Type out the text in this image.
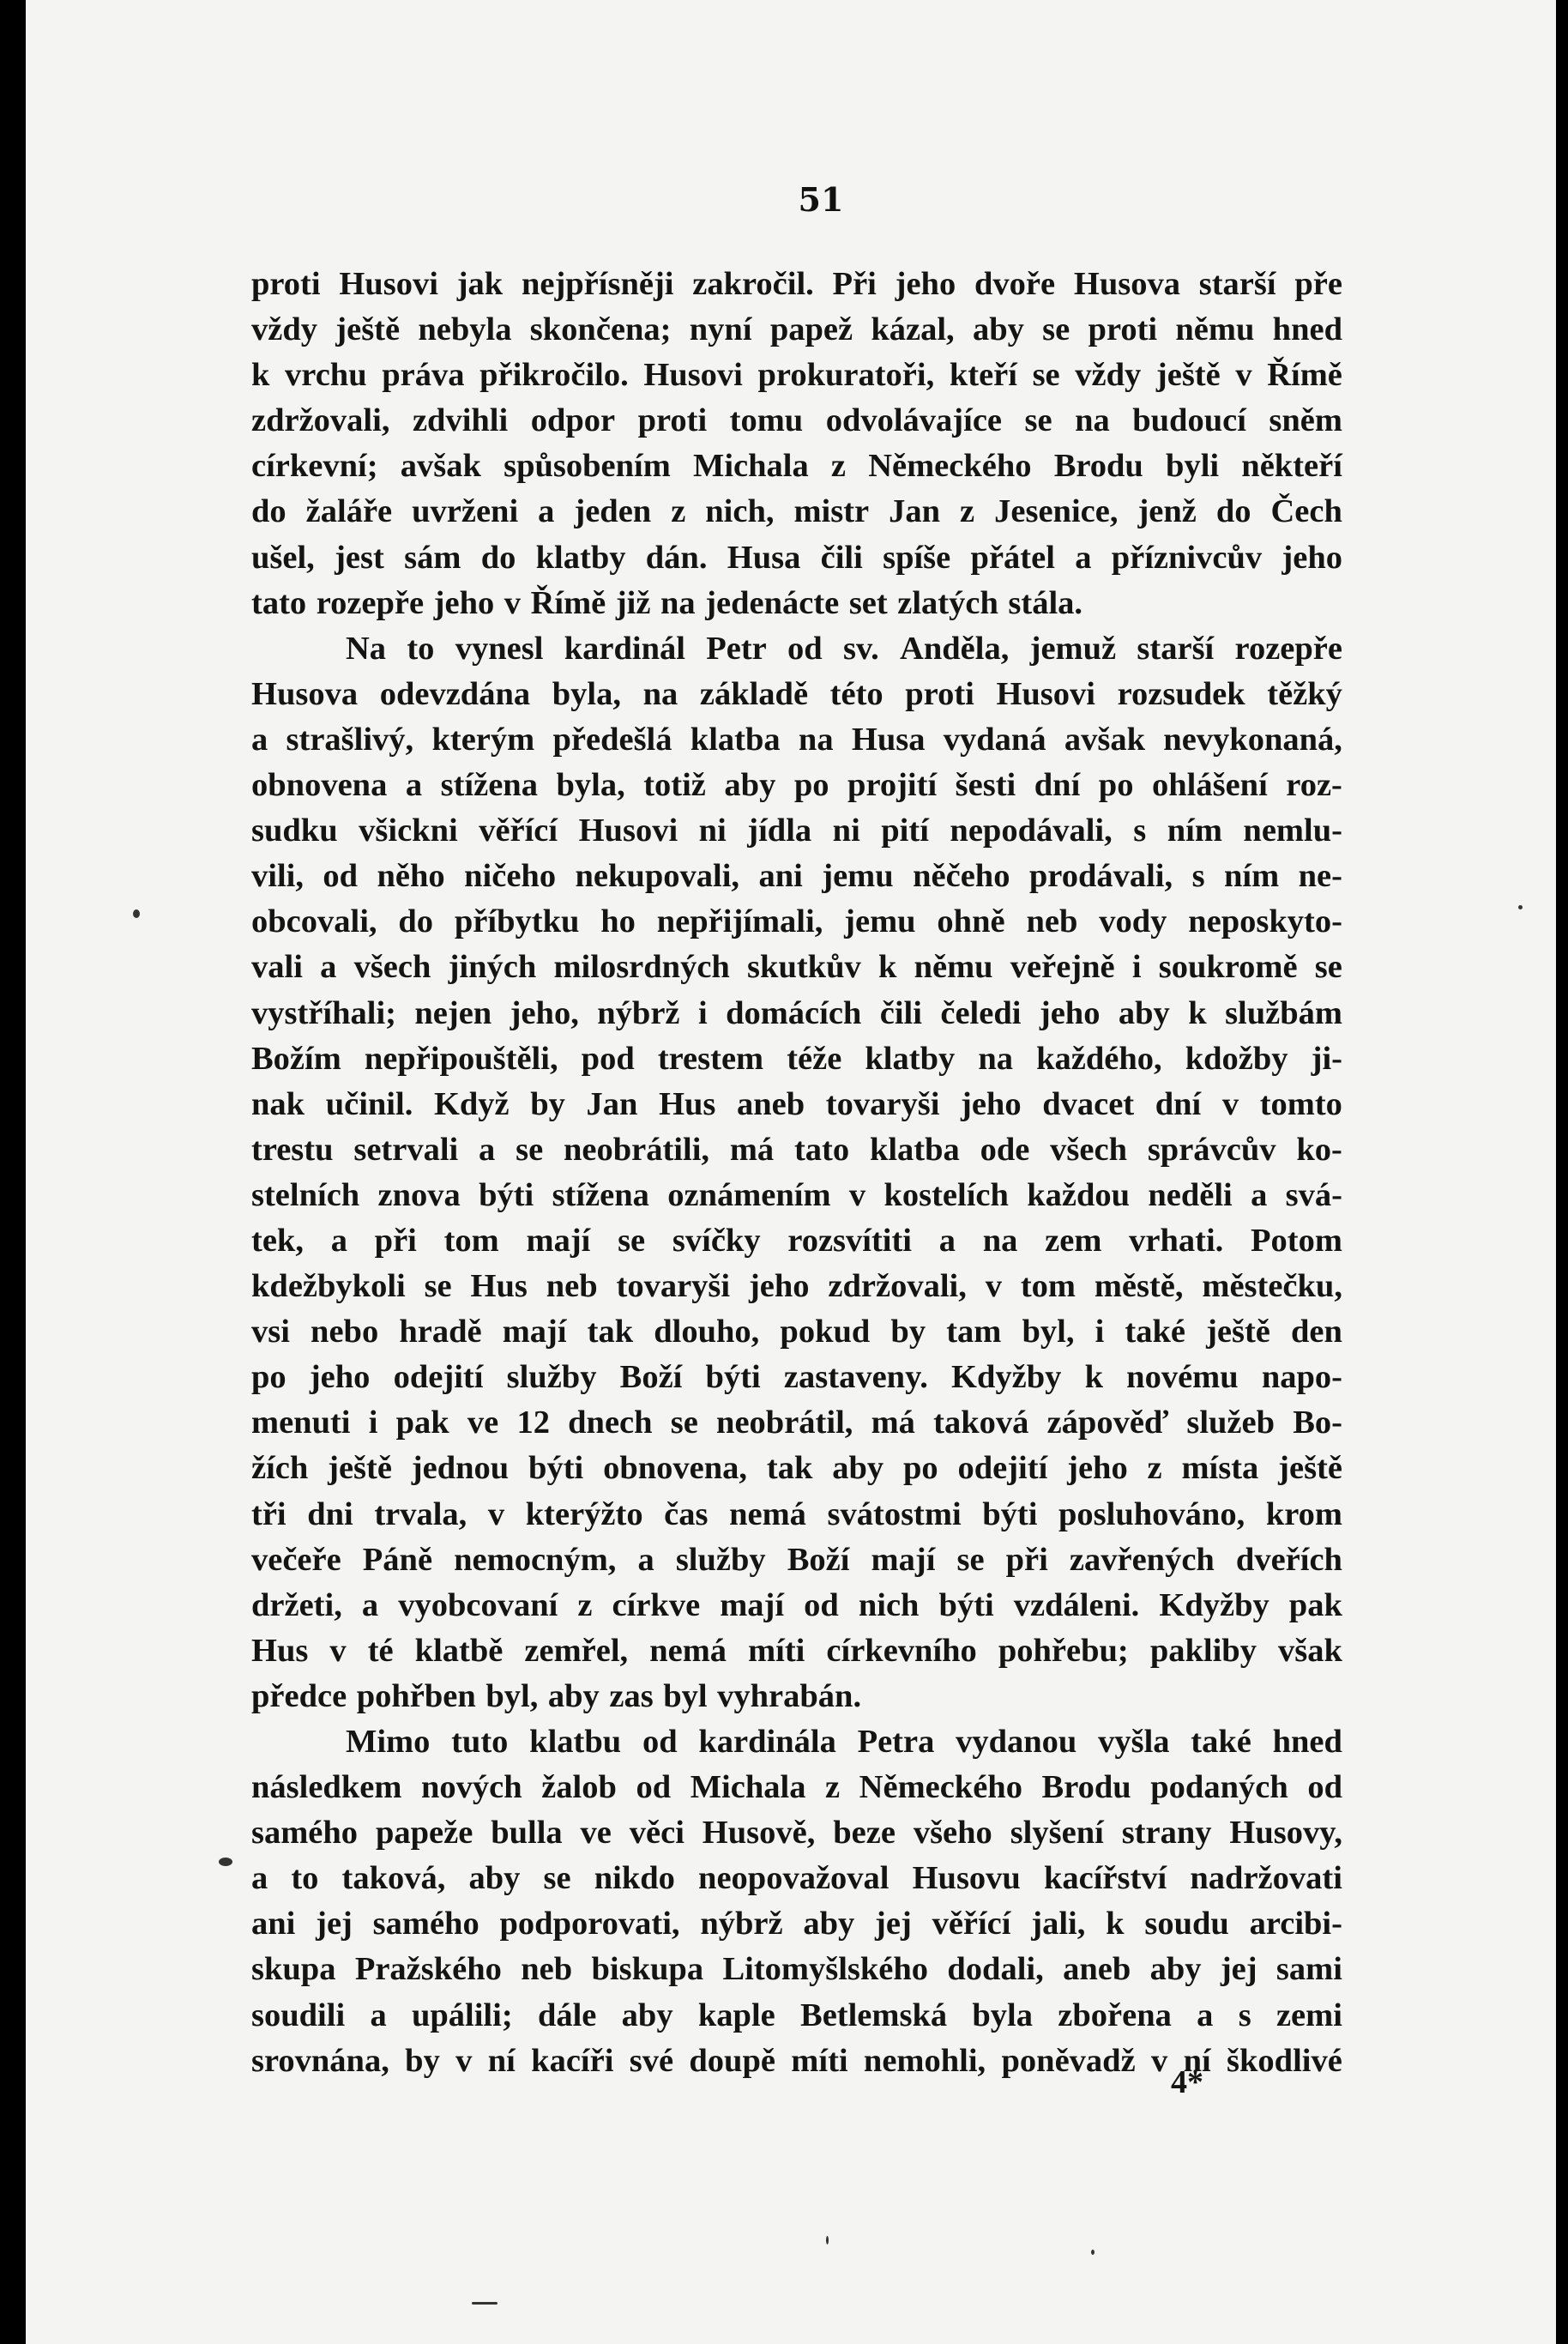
51
proti Husovi jak nejpřísněji zakročil. Při jeho dvoře Husova starší pře
vždy ještě nebyla skončena; nyní papež kázal, aby se proti němu hned
k vrchu práva přikročilo. Husovi prokuratoři, kteří se vždy ještě v Římě
zdržovali, zdvihli odpor proti tomu odvolávajíce se na budoucí sněm
církevní; avšak spůsobením Michala z Německého Brodu byli někteří
do žaláře uvrženi a jeden z nich, mistr Jan z Jesenice, jenž do Čech
ušel, jest sám do klatby dán. Husa čili spíše přátel a příznivcův jeho
tato rozepře jeho v Římě již na jedenácte set zlatých stála.
Na to vynesl kardinál Petr od sv. Anděla, jemuž starší rozepře
Husova odevzdána byla, na základě této proti Husovi rozsudek těžký
a strašlivý, kterým předešlá klatba na Husa vydaná avšak nevykonaná,
obnovena a stížena byla, totiž aby po projití šesti dní po ohlášení roz-
sudku všickni věřící Husovi ni jídla ni pití nepodávali, s ním nemlu-
vili, od něho ničeho nekupovali, ani jemu něčeho prodávali, s ním ne-
obcovali, do příbytku ho nepřijímali, jemu ohně neb vody neposkyto-
vali a všech jiných milosrdných skutkův k němu veřejně i soukromě se
vystříhali; nejen jeho, nýbrž i domácích čili čeledi jeho aby k službám
Božím nepřipouštěli, pod trestem téže klatby na každého, kdožby ji-
nak učinil. Když by Jan Hus aneb tovaryši jeho dvacet dní v tomto
trestu setrvali a se neobrátili, má tato klatba ode všech správcův ko-
stelních znova býti stížena oznámením v kostelích každou neděli a svá-
tek, a při tom mají se svíčky rozsvítiti a na zem vrhati. Potom
kdežbykoli se Hus neb tovaryši jeho zdržovali, v tom městě, městečku,
vsi nebo hradě mají tak dlouho, pokud by tam byl, i také ještě den
po jeho odejití služby Boží býti zastaveny. Kdyžby k novému napo-
menuti i pak ve 12 dnech se neobrátil, má taková zápověď služeb Bo-
žích ještě jednou býti obnovena, tak aby po odejití jeho z místa ještě
tři dni trvala, v kterýžto čas nemá svátostmi býti posluhováno, krom
večeře Páně nemocným, a služby Boží mají se při zavřených dveřích
držeti, a vyobcovaní z církve mají od nich býti vzdáleni. Kdyžby pak
Hus v té klatbě zemřel, nemá míti církevního pohřebu; pakliby však
předce pohřben byl, aby zas byl vyhrabán.
Mimo tuto klatbu od kardinála Petra vydanou vyšla také hned
následkem nových žalob od Michala z Německého Brodu podaných od
samého papeže bulla ve věci Husově, beze všeho slyšení strany Husovy,
a to taková, aby se nikdo neopovažoval Husovu kacířství nadržovati
ani jej samého podporovati, nýbrž aby jej věřící jali, k soudu arcibi-
skupa Pražského neb biskupa Litomyšlského dodali, aneb aby jej sami
soudili a upálili; dále aby kaple Betlemská byla zbořena a s zemi
srovnána, by v ní kacíři své doupě míti nemohli, poněvadž v ní škodlivé
4*
